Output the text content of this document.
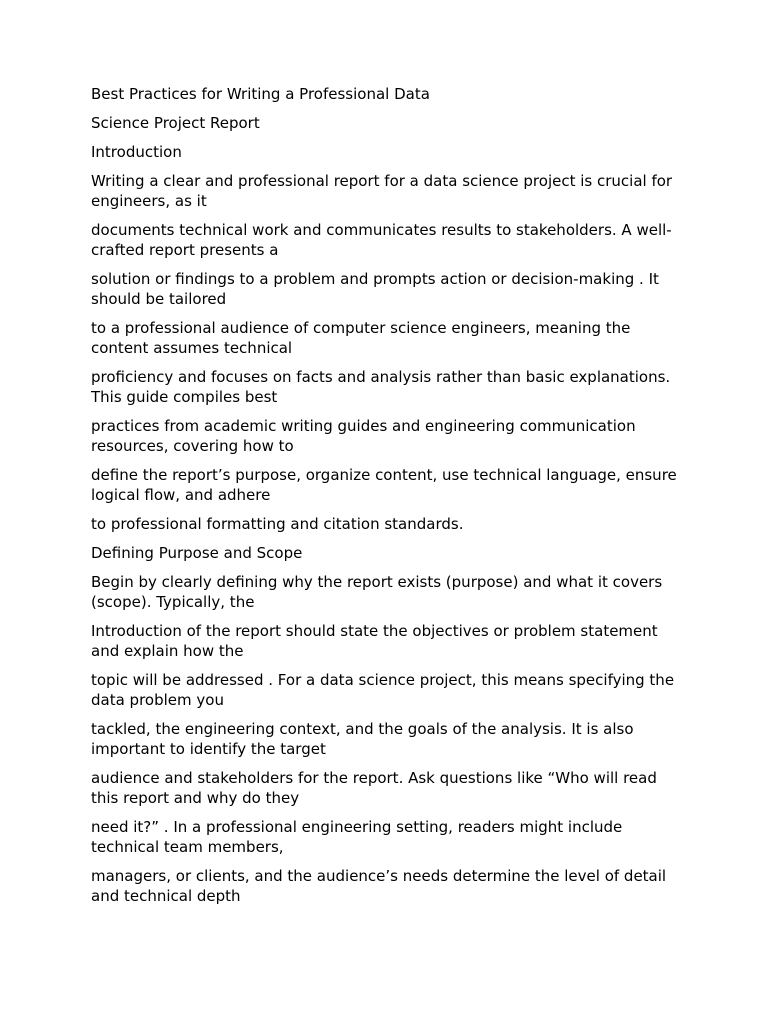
Best Practices for Writing a Professional Data

Science Project Report

Introduction

Writing a clear and professional report for a data science project is crucial for engineers, as it

documents technical work and communicates results to stakeholders. A well-crafted report presents a

solution or findings to a problem and prompts action or decision-making . It should be tailored

to a professional audience of computer science engineers, meaning the content assumes technical

proficiency and focuses on facts and analysis rather than basic explanations. This guide compiles best

practices from academic writing guides and engineering communication resources, covering how to

define the report’s purpose, organize content, use technical language, ensure logical flow, and adhere

to professional formatting and citation standards.

Defining Purpose and Scope

Begin by clearly defining why the report exists (purpose) and what it covers (scope). Typically, the

Introduction of the report should state the objectives or problem statement and explain how the

topic will be addressed . For a data science project, this means specifying the data problem you

tackled, the engineering context, and the goals of the analysis. It is also important to identify the target

audience and stakeholders for the report. Ask questions like “Who will read this report and why do they

need it?” . In a professional engineering setting, readers might include technical team members,

managers, or clients, and the audience’s needs determine the level of detail and technical depth
